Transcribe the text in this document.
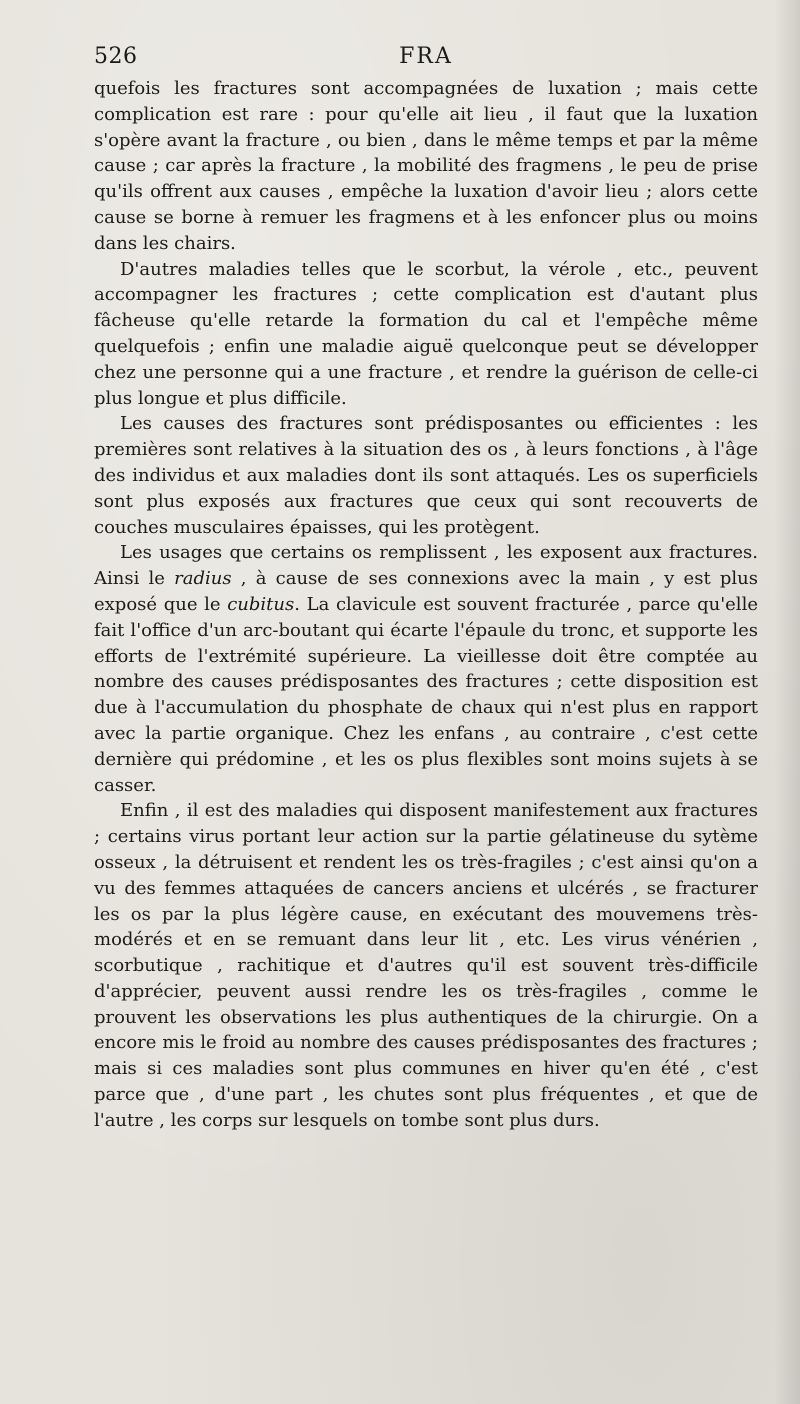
526	FRA

quefois les fractures sont accompagnées de luxation ; mais cette complication est rare : pour qu'elle ait lieu , il faut que la luxation s'opère avant la fracture , ou bien , dans le même temps et par la même cause ; car après la fracture , la mobilité des fragmens , le peu de prise qu'ils offrent aux causes , empêche la luxation d'avoir lieu ; alors cette cause se borne à remuer les fragmens et à les enfoncer plus ou moins dans les chairs.

D'autres maladies telles que le scorbut, la vérole , etc., peuvent accompagner les fractures ; cette complication est d'autant plus fâcheuse qu'elle retarde la formation du cal et l'empêche même quelquefois ; enfin une maladie aiguë quelconque peut se développer chez une personne qui a une fracture , et rendre la guérison de celle-ci plus longue et plus difficile.

Les causes des fractures sont prédisposantes ou efficientes : les premières sont relatives à la situation des os , à leurs fonctions , à l'âge des individus et aux maladies dont ils sont attaqués. Les os superficiels sont plus exposés aux fractures que ceux qui sont recouverts de couches musculaires épaisses, qui les protègent.

Les usages que certains os remplissent , les exposent aux fractures. Ainsi le radius , à cause de ses connexions avec la main , y est plus exposé que le cubitus. La clavicule est souvent fracturée , parce qu'elle fait l'office d'un arc-boutant qui écarte l'épaule du tronc, et supporte les efforts de l'extrémité supérieure. La vieillesse doit être comptée au nombre des causes prédisposantes des fractures ; cette disposition est due à l'accumulation du phosphate de chaux qui n'est plus en rapport avec la partie organique. Chez les enfans , au contraire , c'est cette dernière qui prédomine , et les os plus flexibles sont moins sujets à se casser.

Enfin , il est des maladies qui disposent manifestement aux fractures ; certains virus portant leur action sur la partie gélatineuse du sytème osseux , la détruisent et rendent les os très-fragiles ; c'est ainsi qu'on a vu des femmes attaquées de cancers anciens et ulcérés , se fracturer les os par la plus légère cause, en exécutant des mouvemens très-modérés et en se remuant dans leur lit , etc. Les virus vénérien , scorbutique , rachitique et d'autres qu'il est souvent très-difficile d'apprécier, peuvent aussi rendre les os très-fragiles , comme le prouvent les observations les plus authentiques de la chirurgie. On a encore mis le froid au nombre des causes prédisposantes des fractures ; mais si ces maladies sont plus communes en hiver qu'en été , c'est parce que , d'une part , les chutes sont plus fréquentes , et que de l'autre , les corps sur lesquels on tombe sont plus durs.
